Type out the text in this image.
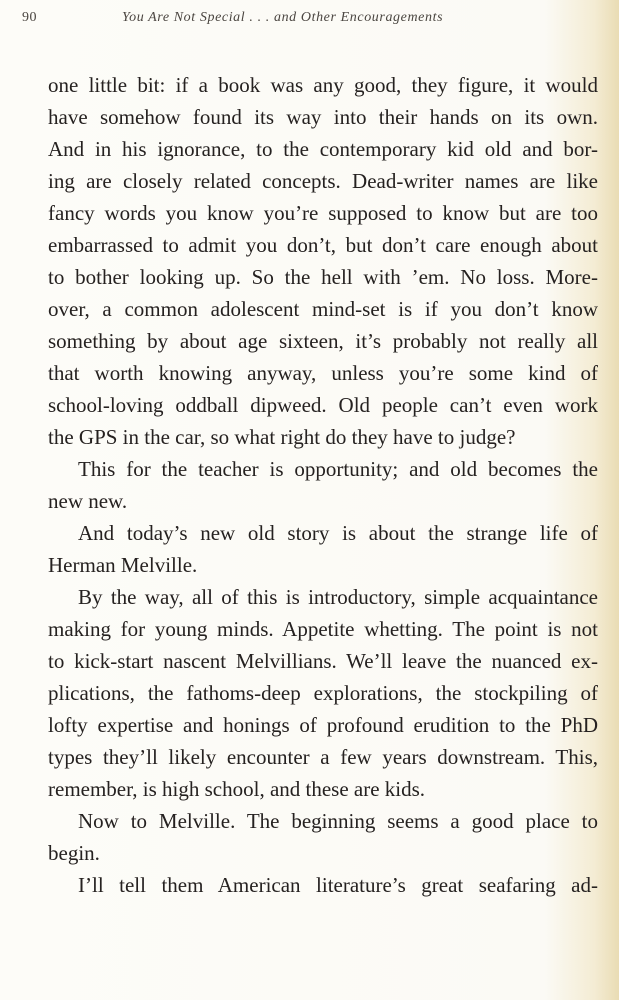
90	You Are Not Special . . . and Other Encouragements
one little bit: if a book was any good, they figure, it would
have somehow found its way into their hands on its own.
And in his ignorance, to the contemporary kid old and bor-
ing are closely related concepts. Dead-writer names are like
fancy words you know you’re supposed to know but are too
embarrassed to admit you don’t, but don’t care enough about
to bother looking up. So the hell with ’em. No loss. More-
over, a common adolescent mind-set is if you don’t know
something by about age sixteen, it’s probably not really all
that worth knowing anyway, unless you’re some kind of
school-loving oddball dipweed. Old people can’t even work
the GPS in the car, so what right do they have to judge?
This for the teacher is opportunity; and old becomes the
new new.
And today’s new old story is about the strange life of
Herman Melville.
By the way, all of this is introductory, simple acquaintance
making for young minds. Appetite whetting. The point is not
to kick-start nascent Melvillians. We’ll leave the nuanced ex-
plications, the fathoms-deep explorations, the stockpiling of
lofty expertise and honings of profound erudition to the PhD
types they’ll likely encounter a few years downstream. This,
remember, is high school, and these are kids.
Now to Melville. The beginning seems a good place to
begin.
I’ll tell them American literature’s great seafaring ad-
